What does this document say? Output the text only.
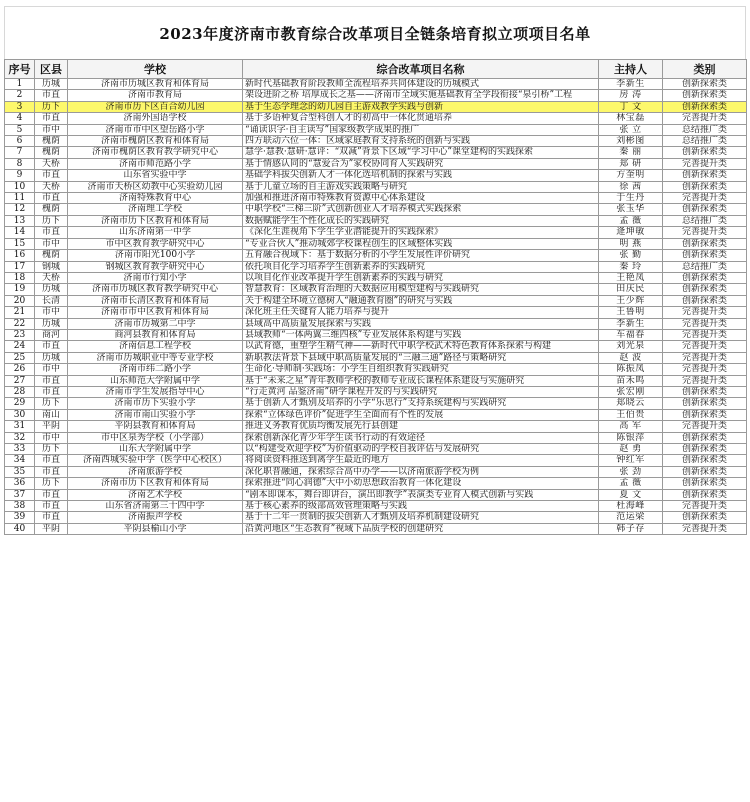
2023年度济南市教育综合改革项目全链条培育拟立项项目名单
序号	区县	学校	综合改革项目名称	主持人	类别
1	历城	济南市历城区教育和体育局	新时代基础教育阶段教师全流程培养共同体建设的历城模式	李新生	创新探索类
2	市直	济南市教育局	架设进阶之桥 培厚成长之基——济南市全域实施基础教育全学段衔接“泉引桥”工程	房 涛	创新探索类
3	历下	济南市历下区百合幼儿园	基于生态学理念的幼儿园自主游戏教学实践与创新	丁 文	创新探索类
4	市直	济南外国语学校	基于多语种复合型科创人才的初高中一体化贯通培养	林宝磊	完善提升类
5	市中	济南市市中区望岳路小学	“诵读识字·自主读写”国家级教学成果的推广	张 立	总结推广类
6	槐荫	济南市槐荫区教育和体育局	四方联动六位一体：区域家庭教育支持系统的创新与实践	刘彬图	总结推广类
7	槐荫	济南市槐荫区教育教学研究中心	慧学·慧教·慧研·慧评：“双减”背景下区域“学习中心”课堂建构的实践探索	秦 丽	创新探索类
8	天桥	济南市师范路小学	基于情感认同的“慧爱合为”家校协同育人实践研究	郑 研	完善提升类
9	市直	山东省实验中学	基础学科拔尖创新人才一体化选培机制的探索与实践	方奎明	创新探索类
10	天桥	济南市天桥区幼教中心实验幼儿园	基于儿童立场的自主游戏实践策略与研究	徐 茜	创新探索类
11	市直	济南特殊教育中心	加强和推进济南市特殊教育资源中心体系建设	于生丹	完善提升类
12	槐荫	济南理工学校	中职学校“三梯三阶”式创新创业人才培养模式实践探索	张玉华	创新探索类
13	历下	济南市历下区教育和体育局	数据赋能学生个性化成长的实践研究	孟 薇	总结推广类
14	市直	山东济南第一中学	《深化生涯视角下学生学业潜能提升的实践探索》	逄坤敏	完善提升类
15	市中	市中区教育教学研究中心	“专业合伙人”推动城郊学校课程创生的区域整体实践	明 燕	创新探索类
16	槐荫	济南市阳光100小学	五育融合视域下：基于数据分析的小学生发展性评价研究	张 勤	创新探索类
17	钢城	钢城区教育教学研究中心	依托项目化学习培养学生创新素养的实践研究	秦 玲	总结推广类
18	天桥	济南市行知小学	以项目化作业改革提升学生创新素养的实践与研究	王艳凤	创新探索类
19	历城	济南市历城区教育教学研究中心	智慧教育：区域教育治理的大数据应用模型建构与实践研究	田庆民	创新探索类
20	长清	济南市长清区教育和体育局	关于构建全环境立德树人“融通教育圈”的研究与实践	王少辉	创新探索类
21	市中	济南市市中区教育和体育局	深化班主任关键育人能力培养与提升	王鲁明	完善提升类
22	历城	济南市历城第二中学	县域高中高质量发展探索与实践	李新生	完善提升类
23	商河	商河县教育和体育局	县域教师“一体两翼三维四核”专业发展体系构建与实践	车福春	完善提升类
24	市直	济南信息工程学校	以武育德，重塑学生精气神——新时代中职学校武术特色教育体系探索与构建	刘光泉	完善提升类
25	历城	济南市历城职业中等专业学校	新职教法背景下县域中职高质量发展的“三融三通”路径与策略研究	赵 波	完善提升类
26	市中	济南市纬二路小学	生命化·导师制·实践场：小学生自组织教育实践研究	陈振凤	完善提升类
27	市直	山东师范大学附属中学	基于“未来之星”青年教师学校的教师专业成长课程体系建设与实施研究	苗禾鸣	完善提升类
28	市直	济南市学生发展指导中心	“行走黄河 品鉴济南”研学课程开发的与实践研究	张宏刚	创新探索类
29	历下	济南市历下实验小学	基于创新人才甄别及培养的小学“乐思行”支持系统建构与实践研究	郑晓云	创新探索类
30	南山	济南市南山实验小学	探索“立体绿色评价”促进学生全面而有个性的发展	王伯贵	创新探索类
31	平阴	平阴县教育和体育局	推进义务教育优质均衡发展先行县创建	高 军	完善提升类
32	市中	市中区泉秀学校（小学部）	探索创新深化青少年学生读书行动的有效途径	陈银萍	创新探索类
33	历下	山东大学附属中学	以“构建受欢迎学校”为价值驱动的学校自我评估与发展研究	赵 勇	创新探索类
34	市直	济南西城实验中学（医学中心校区）	将阅读资料推送到离学生最近的地方	钟红军	创新探索类
35	市直	济南旅游学校	深化职普融通，探索综合高中办学——以济南旅游学校为例	张 劲	创新探索类
36	历下	济南市历下区教育和体育局	探索推进“同心润德”大中小幼思想政治教育一体化建设	孟 薇	创新探索类
37	市直	济南艺术学校	“剧本即课本，舞台即讲台，演出即教学”表演类专业育人模式创新与实践	夏 文	创新探索类
38	市直	山东省济南第三十四中学	基于核心素养的级部高效管理策略与实践	杜海峰	完善提升类
39	市直	济南振声学校	基于十二年一贯制的拔尖创新人才甄别及培养机制建设研究	范运梁	创新探索类
40	平阴	平阴县榆山小学	沿黄河地区“生态教育”视域下品质学校的创建研究	韩子存	完善提升类
